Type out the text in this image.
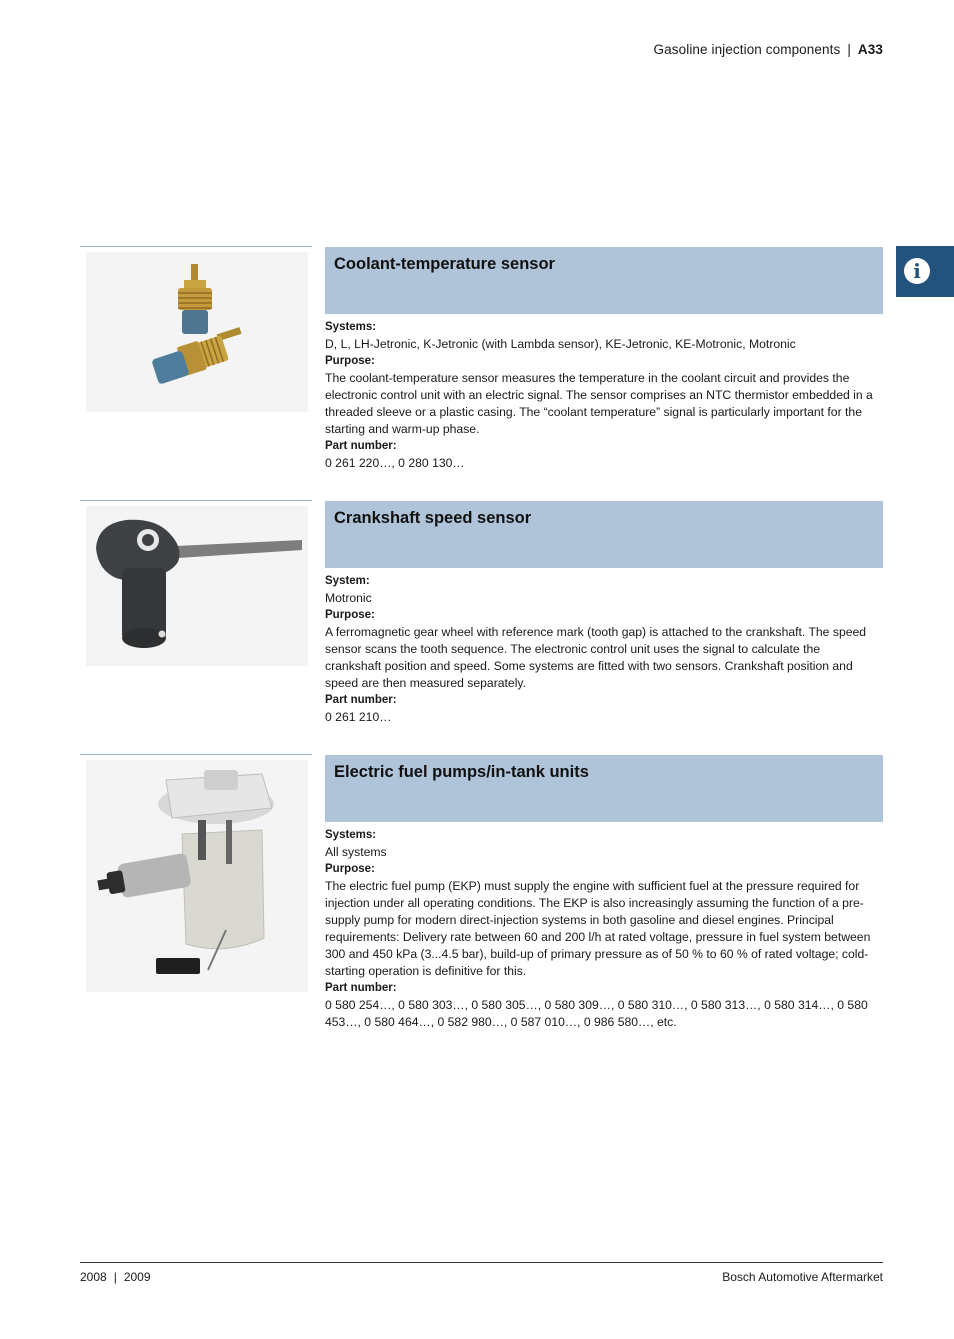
Gasoline injection components | A33
i
Coolant-temperature sensor
Systems:
D, L, LH-Jetronic, K-Jetronic (with Lambda sensor), KE-Jetronic, KE-Motronic, Motronic
Purpose:
The coolant-temperature sensor measures the temperature in the coolant circuit and provides the electronic control unit with an electric signal. The sensor comprises an NTC thermistor embedded in a threaded sleeve or a plastic casing. The “coolant temperature” signal is particularly important for the starting and warm-up phase.
Part number:
0 261 220…, 0 280 130…
Crankshaft speed sensor
System:
Motronic
Purpose:
A ferromagnetic gear wheel with reference mark (tooth gap) is attached to the crankshaft. The speed sensor scans the tooth sequence. The electronic control unit uses the signal to calculate the crankshaft position and speed. Some systems are fitted with two sensors. Crankshaft position and speed are then measured separately.
Part number:
0 261 210…
Electric fuel pumps/in-tank units
Systems:
All systems
Purpose:
The electric fuel pump (EKP) must supply the engine with sufficient fuel at the pressure required for injection under all operating conditions. The EKP is also increasingly assuming the function of a pre-supply pump for modern direct-injection systems in both gasoline and diesel engines. Principal requirements: Delivery rate between 60 and 200 l/h at rated voltage, pressure in fuel system between 300 and 450 kPa (3...4.5 bar), build-up of primary pressure as of 50 % to 60 % of rated voltage; cold-starting operation is definitive for this.
Part number:
0 580 254…, 0 580 303…, 0 580 305…, 0 580 309…, 0 580 310…, 0 580 313…, 0 580 314…, 0 580 453…, 0 580 464…, 0 582 980…, 0 587 010…, 0 986 580…, etc.
2008 | 2009	Bosch Automotive Aftermarket
